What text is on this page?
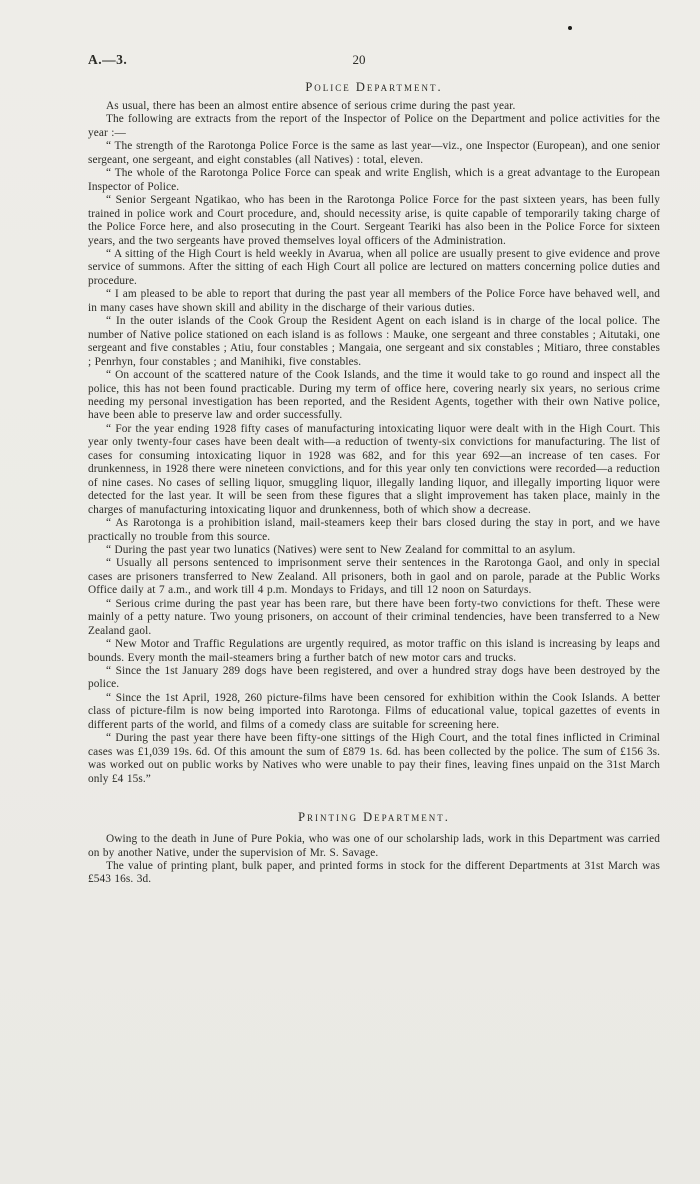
A.—3.	20
Police Department.

As usual, there has been an almost entire absence of serious crime during the past year.

The following are extracts from the report of the Inspector of Police on the Department and police activities for the year :—

“ The strength of the Rarotonga Police Force is the same as last year—viz., one Inspector (European), and one senior sergeant, one sergeant, and eight constables (all Natives) : total, eleven.

“ The whole of the Rarotonga Police Force can speak and write English, which is a great advantage to the European Inspector of Police.

“ Senior Sergeant Ngatikao, who has been in the Rarotonga Police Force for the past sixteen years, has been fully trained in police work and Court procedure, and, should necessity arise, is quite capable of temporarily taking charge of the Police Force here, and also prosecuting in the Court. Sergeant Teariki has also been in the Police Force for sixteen years, and the two sergeants have proved themselves loyal officers of the Administration.

“ A sitting of the High Court is held weekly in Avarua, when all police are usually present to give evidence and prove service of summons. After the sitting of each High Court all police are lectured on matters concerning police duties and procedure.

“ I am pleased to be able to report that during the past year all members of the Police Force have behaved well, and in many cases have shown skill and ability in the discharge of their various duties.

“ In the outer islands of the Cook Group the Resident Agent on each island is in charge of the local police. The number of Native police stationed on each island is as follows : Mauke, one sergeant and three constables ; Aitutaki, one sergeant and five constables ; Atiu, four constables ; Mangaia, one sergeant and six constables ; Mitiaro, three constables ; Penrhyn, four constables ; and Manihiki, five constables.

“ On account of the scattered nature of the Cook Islands, and the time it would take to go round and inspect all the police, this has not been found practicable. During my term of office here, covering nearly six years, no serious crime needing my personal investigation has been reported, and the Resident Agents, together with their own Native police, have been able to preserve law and order successfully.

“ For the year ending 1928 fifty cases of manufacturing intoxicating liquor were dealt with in the High Court. This year only twenty-four cases have been dealt with—a reduction of twenty-six convictions for manufacturing. The list of cases for consuming intoxicating liquor in 1928 was 682, and for this year 692—an increase of ten cases. For drunkenness, in 1928 there were nineteen convictions, and for this year only ten convictions were recorded—a reduction of nine cases. No cases of selling liquor, smuggling liquor, illegally landing liquor, and illegally importing liquor were detected for the last year. It will be seen from these figures that a slight improvement has taken place, mainly in the charges of manufacturing intoxicating liquor and drunkenness, both of which show a decrease.

“ As Rarotonga is a prohibition island, mail-steamers keep their bars closed during the stay in port, and we have practically no trouble from this source.

“ During the past year two lunatics (Natives) were sent to New Zealand for committal to an asylum.

“ Usually all persons sentenced to imprisonment serve their sentences in the Rarotonga Gaol, and only in special cases are prisoners transferred to New Zealand. All prisoners, both in gaol and on parole, parade at the Public Works Office daily at 7 a.m., and work till 4 p.m. Mondays to Fridays, and till 12 noon on Saturdays.

“ Serious crime during the past year has been rare, but there have been forty-two convictions for theft. These were mainly of a petty nature. Two young prisoners, on account of their criminal tendencies, have been transferred to a New Zealand gaol.

“ New Motor and Traffic Regulations are urgently required, as motor traffic on this island is increasing by leaps and bounds. Every month the mail-steamers bring a further batch of new motor cars and trucks.

“ Since the 1st January 289 dogs have been registered, and over a hundred stray dogs have been destroyed by the police.

“ Since the 1st April, 1928, 260 picture-films have been censored for exhibition within the Cook Islands. A better class of picture-film is now being imported into Rarotonga. Films of educational value, topical gazettes of events in different parts of the world, and films of a comedy class are suitable for screening here.

“ During the past year there have been fifty-one sittings of the High Court, and the total fines inflicted in Criminal cases was £1,039 19s. 6d. Of this amount the sum of £879 1s. 6d. has been collected by the police. The sum of £156 3s. was worked out on public works by Natives who were unable to pay their fines, leaving fines unpaid on the 31st March only £4 15s.”

Printing Department.

Owing to the death in June of Pure Pokia, who was one of our scholarship lads, work in this Department was carried on by another Native, under the supervision of Mr. S. Savage.

The value of printing plant, bulk paper, and printed forms in stock for the different Departments at 31st March was £543 16s. 3d.
